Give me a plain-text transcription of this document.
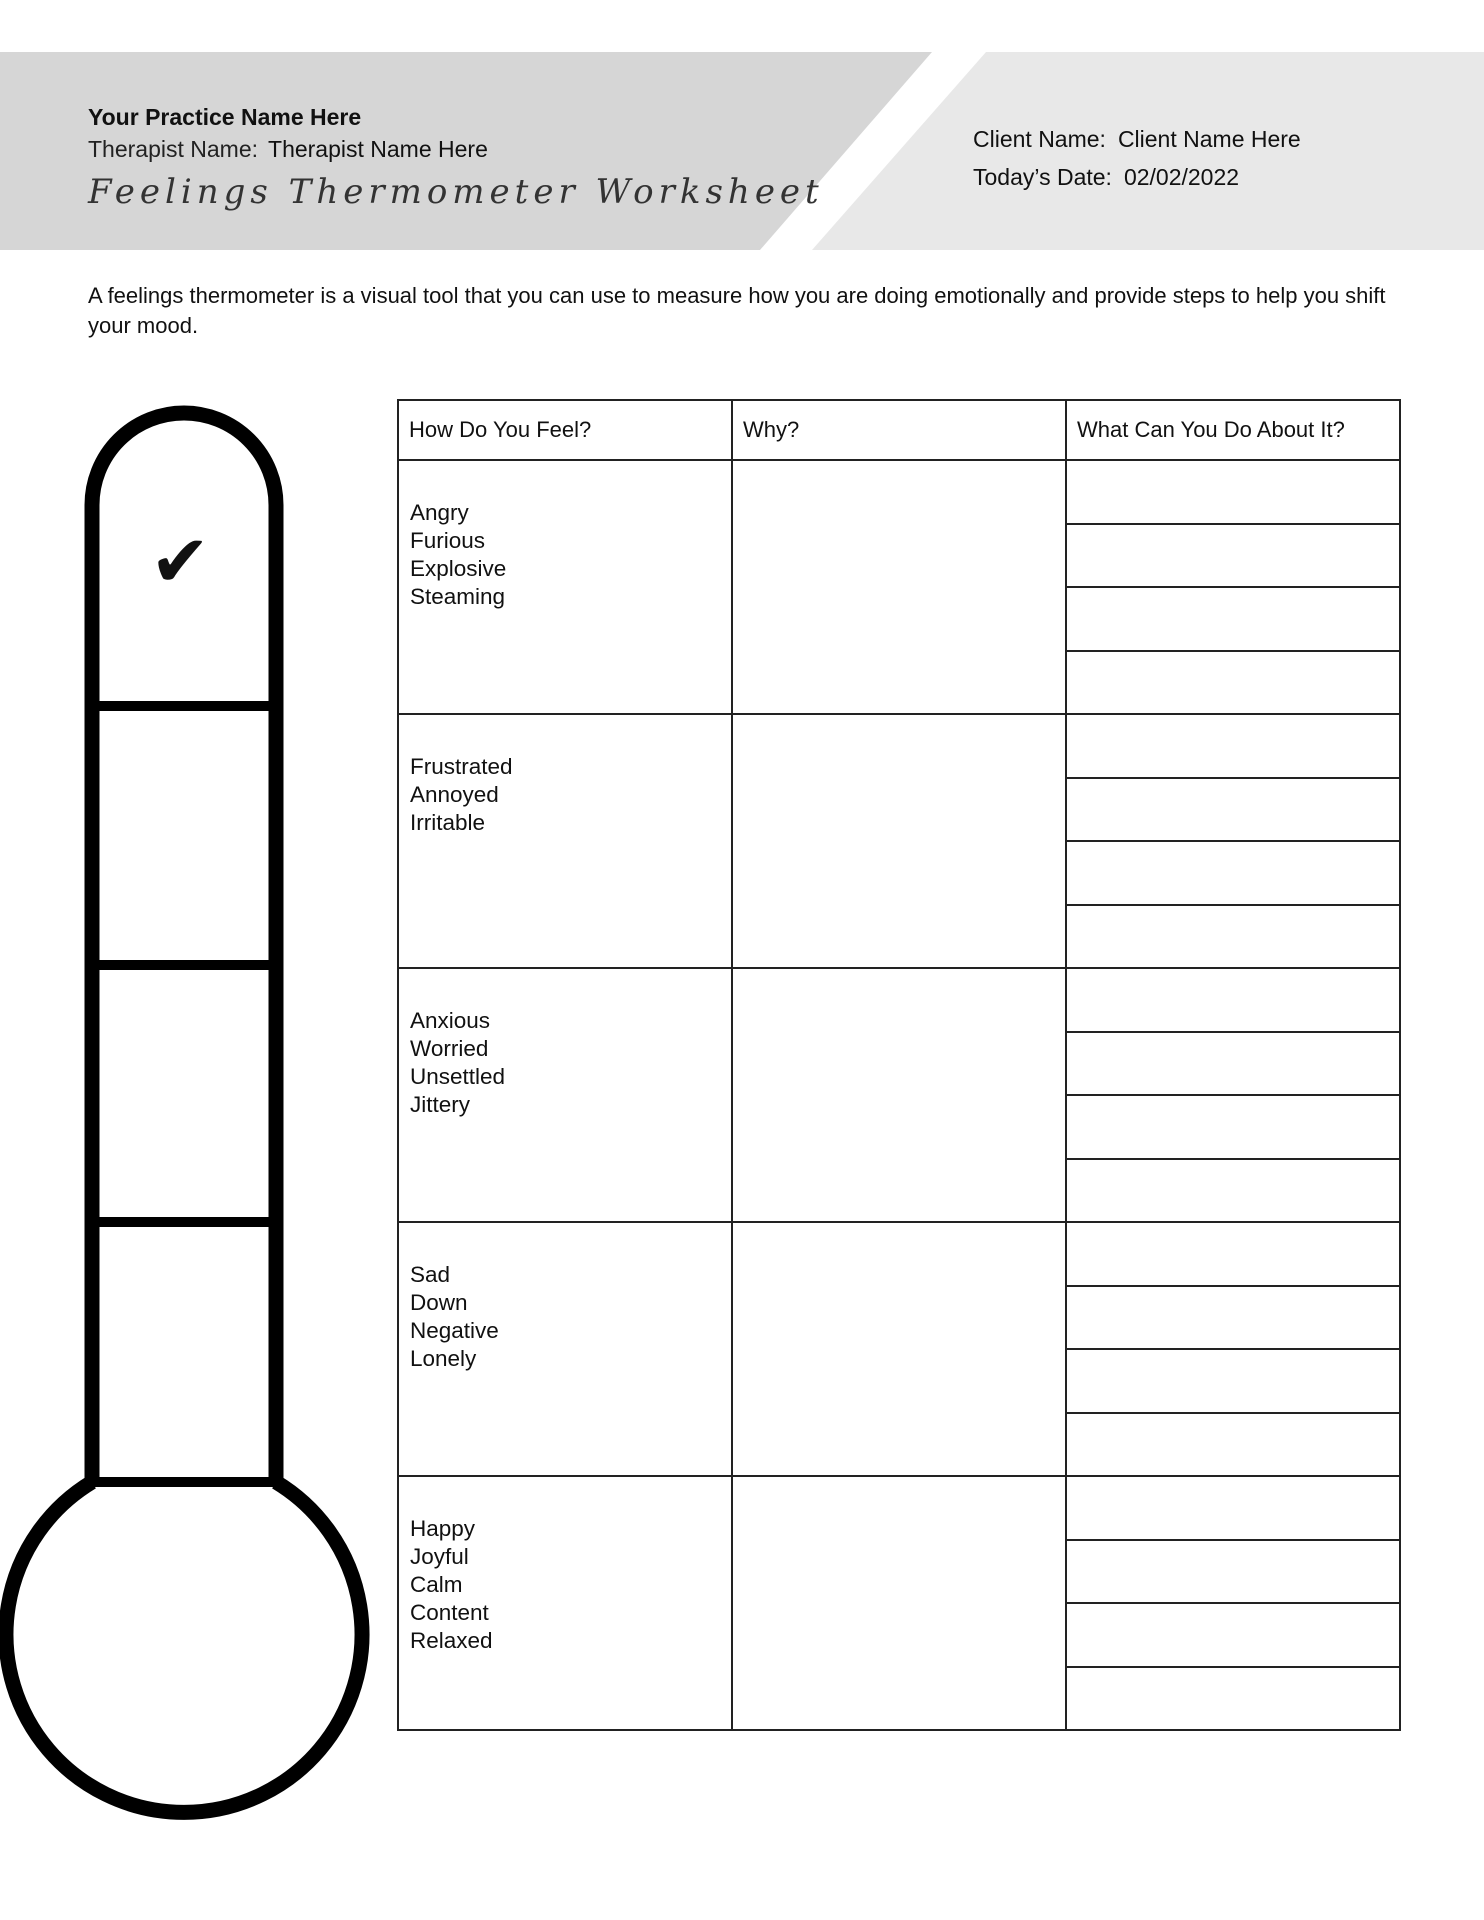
Your Practice Name Here
Therapist Name: Therapist Name Here
Feelings Thermometer Worksheet
Client Name: Client Name Here
Today’s Date: 02/02/2022
A feelings thermometer is a visual tool that you can use to measure how you are doing emotionally and provide steps to help you shift your mood.
✔
How Do You Feel?	Why?	What Can You Do About It?

Angry
Furious
Explosive
Steaming		

Frustrated
Annoyed
Irritable		

Anxious
Worried
Unsettled
Jittery		

Sad
Down
Negative
Lonely		

Happy
Joyful
Calm
Content
Relaxed		
